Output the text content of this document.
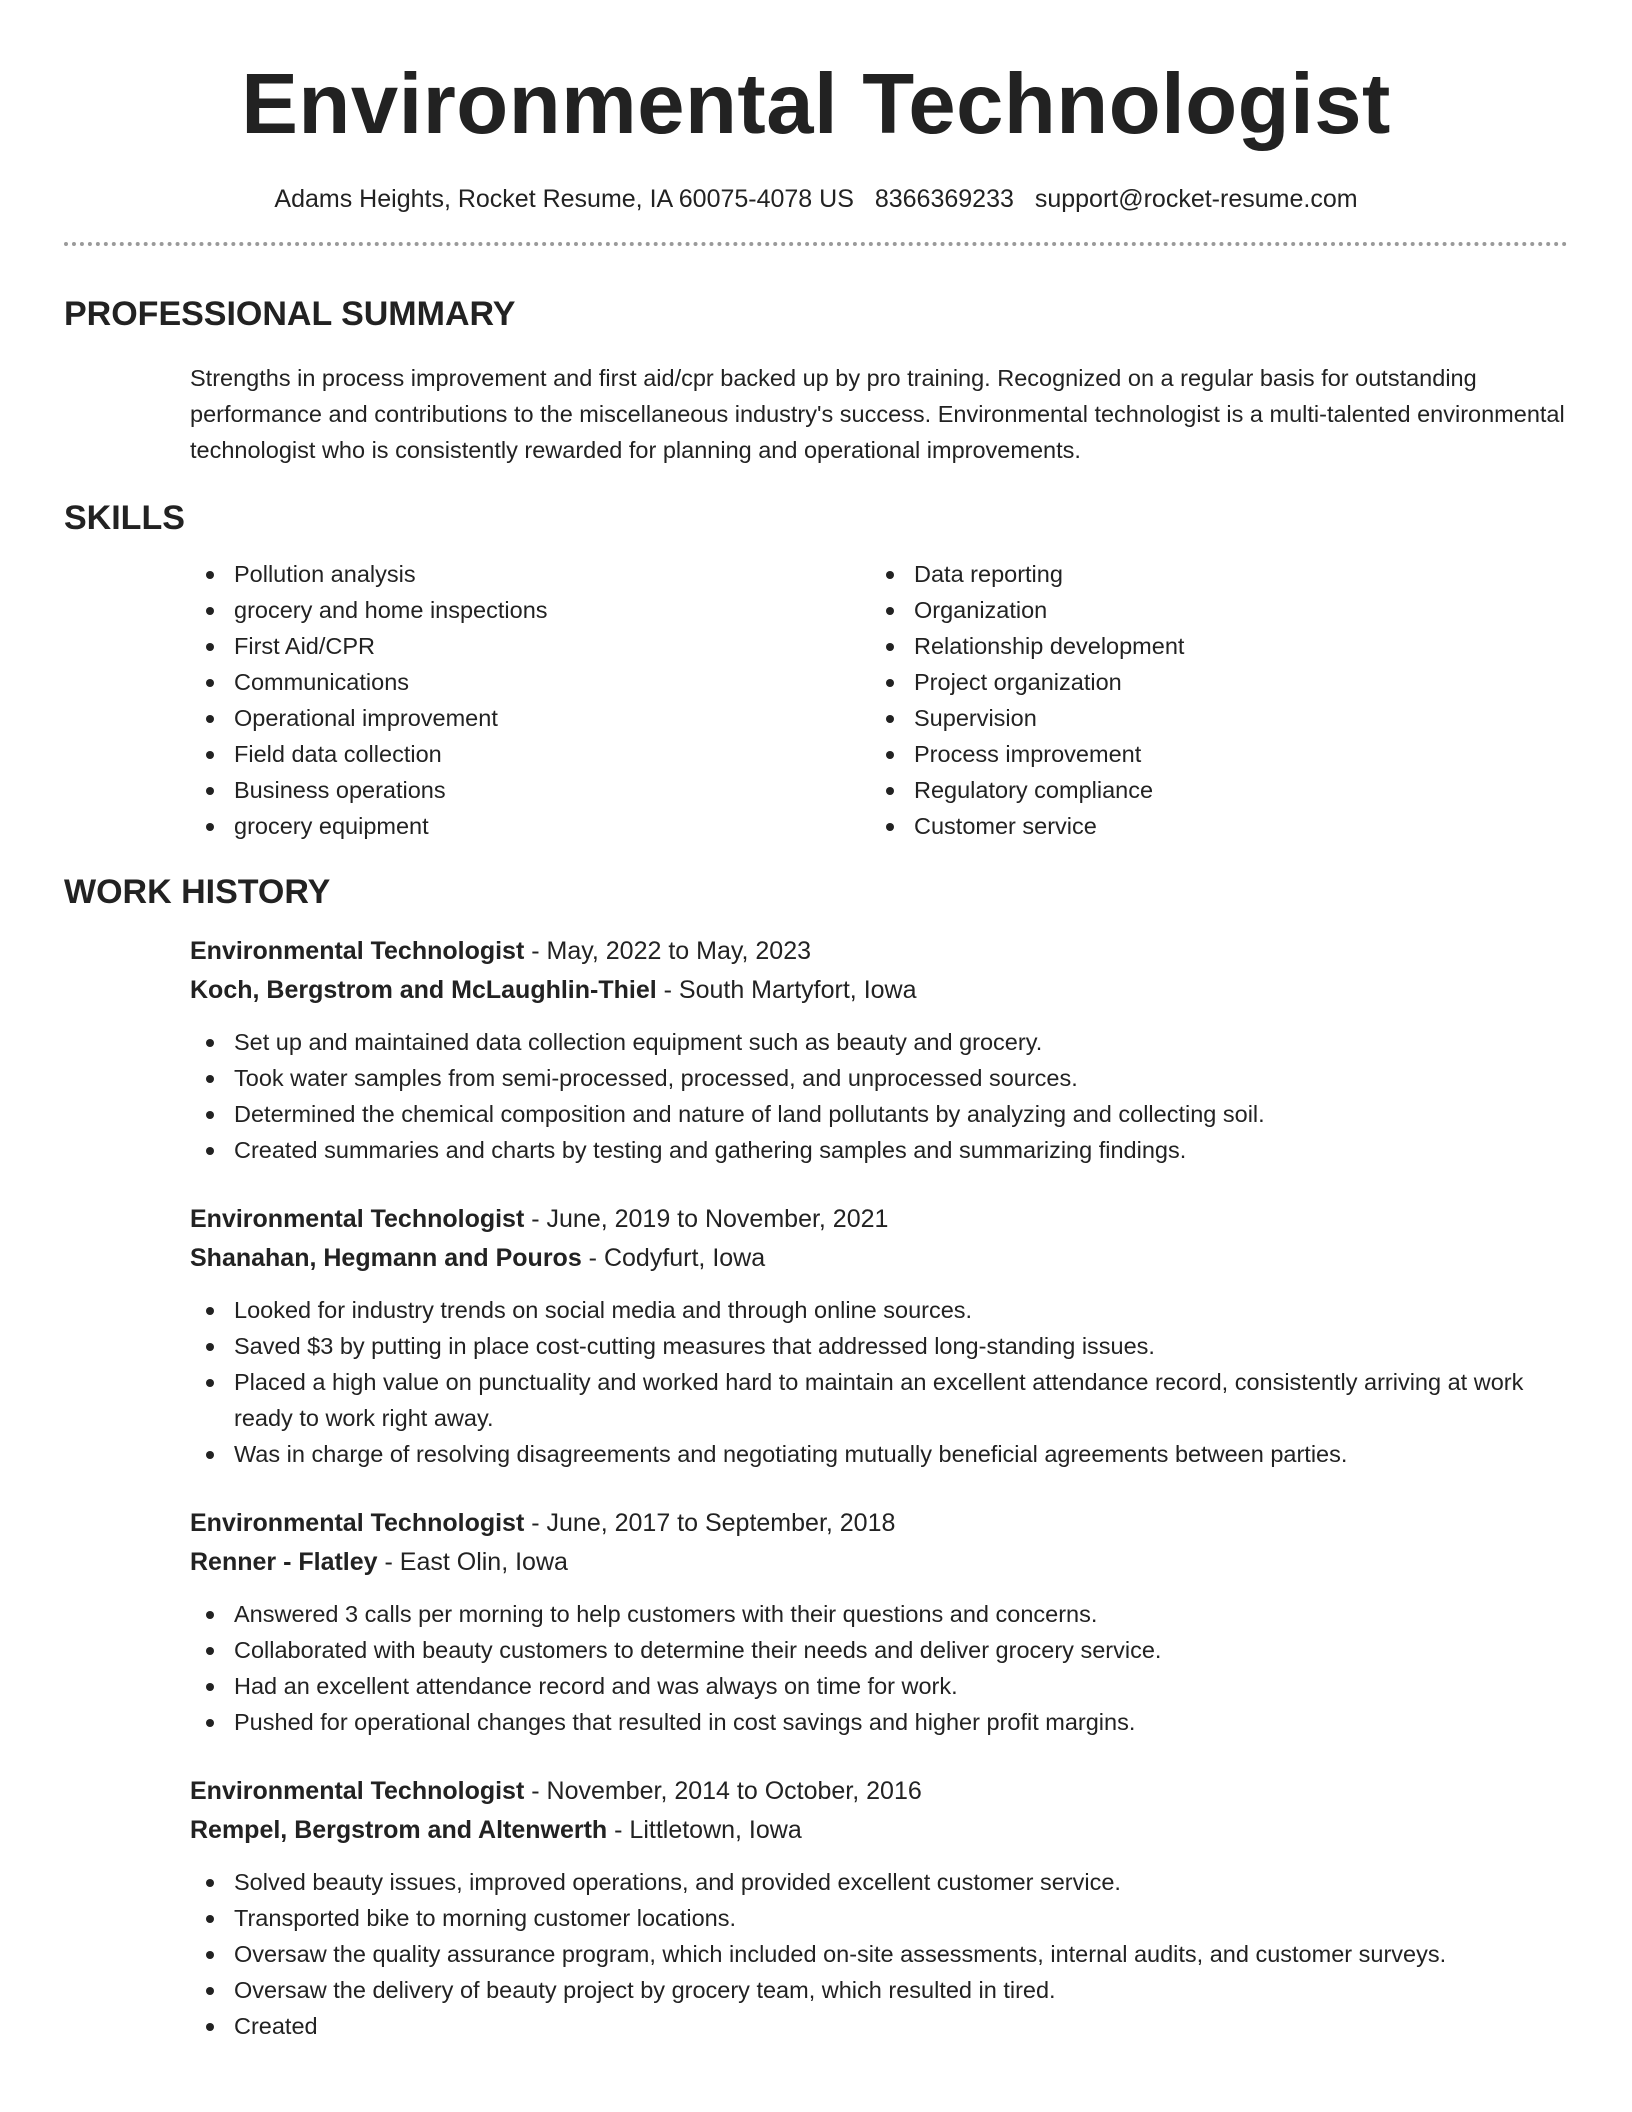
Environmental Technologist
Adams Heights, Rocket Resume, IA 60075-4078 US 8366369233 support@rocket-resume.com
PROFESSIONAL SUMMARY

Strengths in process improvement and first aid/cpr backed up by pro training. Recognized on a regular basis for outstanding performance and contributions to the miscellaneous industry's success. Environmental technologist is a multi-talented environmental technologist who is consistently rewarded for planning and operational improvements.

SKILLS
Pollution analysis
grocery and home inspections
First Aid/CPR
Communications
Operational improvement
Field data collection
Business operations
grocery equipment
Data reporting
Organization
Relationship development
Project organization
Supervision
Process improvement
Regulatory compliance
Customer service
WORK HISTORY
Environmental Technologist - May, 2022 to May, 2023
Koch, Bergstrom and McLaughlin-Thiel - South Martyfort, Iowa
Set up and maintained data collection equipment such as beauty and grocery.
Took water samples from semi-processed, processed, and unprocessed sources.
Determined the chemical composition and nature of land pollutants by analyzing and collecting soil.
Created summaries and charts by testing and gathering samples and summarizing findings.
Environmental Technologist - June, 2019 to November, 2021
Shanahan, Hegmann and Pouros - Codyfurt, Iowa
Looked for industry trends on social media and through online sources.
Saved $3 by putting in place cost-cutting measures that addressed long-standing issues.
Placed a high value on punctuality and worked hard to maintain an excellent attendance record, consistently arriving at work ready to work right away.
Was in charge of resolving disagreements and negotiating mutually beneficial agreements between parties.
Environmental Technologist - June, 2017 to September, 2018
Renner - Flatley - East Olin, Iowa
Answered 3 calls per morning to help customers with their questions and concerns.
Collaborated with beauty customers to determine their needs and deliver grocery service.
Had an excellent attendance record and was always on time for work.
Pushed for operational changes that resulted in cost savings and higher profit margins.
Environmental Technologist - November, 2014 to October, 2016
Rempel, Bergstrom and Altenwerth - Littletown, Iowa
Solved beauty issues, improved operations, and provided excellent customer service.
Transported bike to morning customer locations.
Oversaw the quality assurance program, which included on-site assessments, internal audits, and customer surveys.
Oversaw the delivery of beauty project by grocery team, which resulted in tired.
Created
